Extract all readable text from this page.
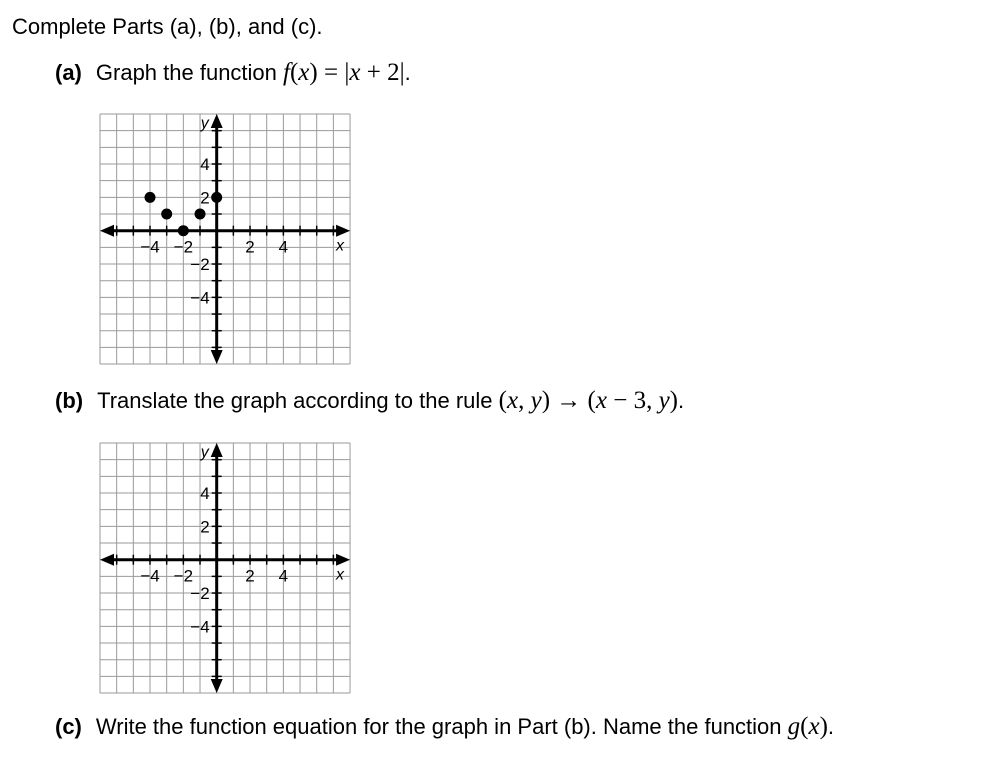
Complete Parts (a), (b), and (c).
(a) Graph the function f(x) = |x + 2|.
−4 −2	2 4
4
2
−2
−4
x
y
(b) Translate the graph according to the rule (x, y) → (x − 3, y).
−4 −2	2 4
4
2
−2
−4
x
y
(c) Write the function equation for the graph in Part (b). Name the function g(x).
